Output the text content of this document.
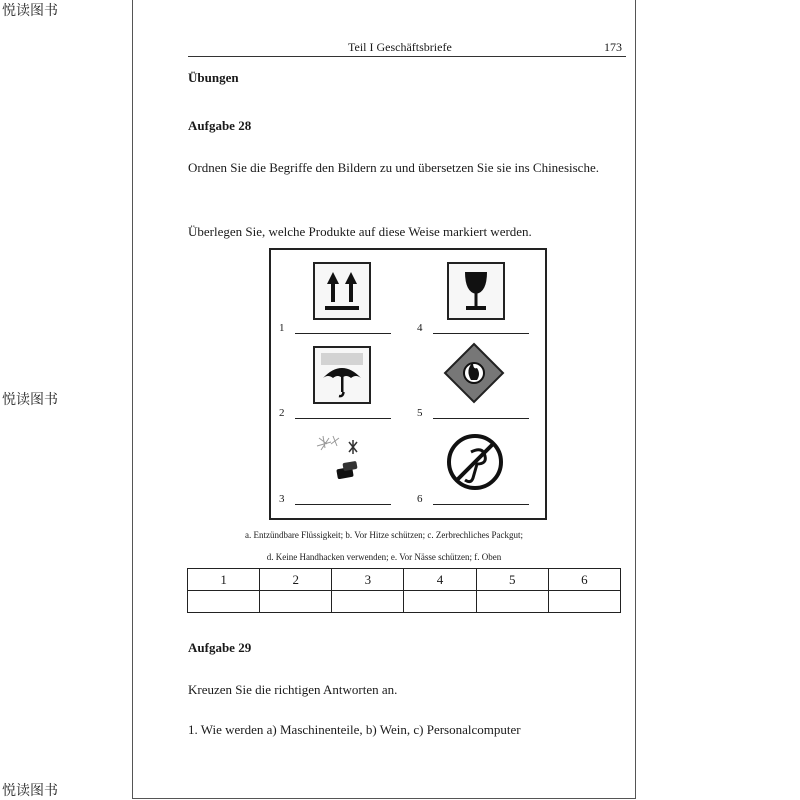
悦读图书
悦读图书
悦读图书
Teil I Geschäftsbriefe	173
Übungen
Aufgabe 28
Ordnen Sie die Begriffe den Bildern zu und übersetzen Sie sie ins Chinesische.
Überlegen Sie, welche Produkte auf diese Weise markiert werden.
1
2
3
4
5
6
a. Entzündbare Flüssigkeit; b. Vor Hitze schützen; c. Zerbrechliches Packgut;
d. Keine Handhacken verwenden; e. Vor Nässe schützen; f. Oben
1	2	3	4	5	6

Aufgabe 29
Kreuzen Sie die richtigen Antworten an.
1. Wie werden a) Maschinenteile, b) Wein, c) Personalcomputer
